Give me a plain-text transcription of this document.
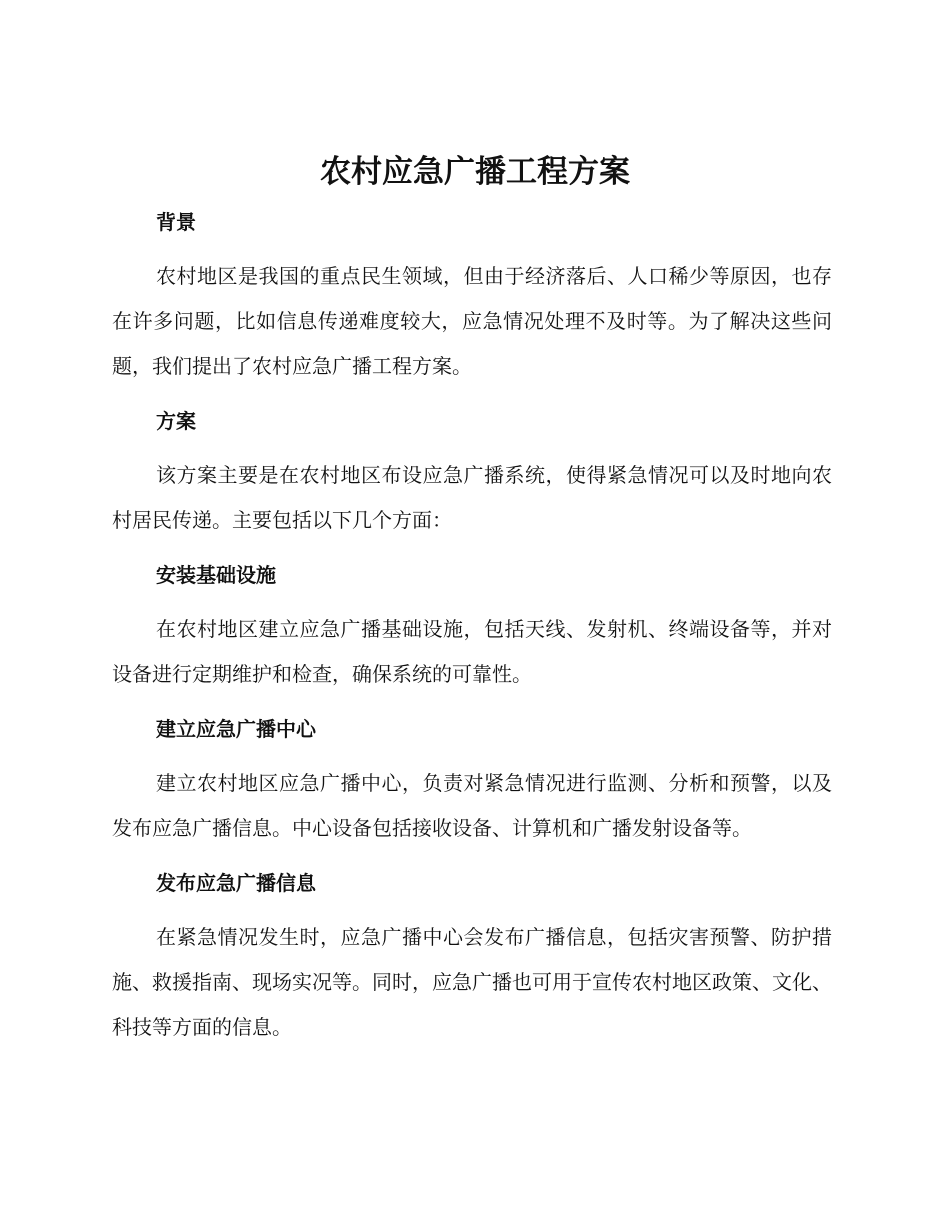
农村应急广播工程方案
背景

农村地区是我国的重点民生领域，但由于经济落后、人口稀少等原因，也存在许多问题，比如信息传递难度较大，应急情况处理不及时等。为了解决这些问题，我们提出了农村应急广播工程方案。

方案

该方案主要是在农村地区布设应急广播系统，使得紧急情况可以及时地向农村居民传递。主要包括以下几个方面：

安装基础设施

在农村地区建立应急广播基础设施，包括天线、发射机、终端设备等，并对设备进行定期维护和检查，确保系统的可靠性。

建立应急广播中心

建立农村地区应急广播中心，负责对紧急情况进行监测、分析和预警，以及发布应急广播信息。中心设备包括接收设备、计算机和广播发射设备等。

发布应急广播信息

在紧急情况发生时，应急广播中心会发布广播信息，包括灾害预警、防护措施、救援指南、现场实况等。同时，应急广播也可用于宣传农村地区政策、文化、科技等方面的信息。
